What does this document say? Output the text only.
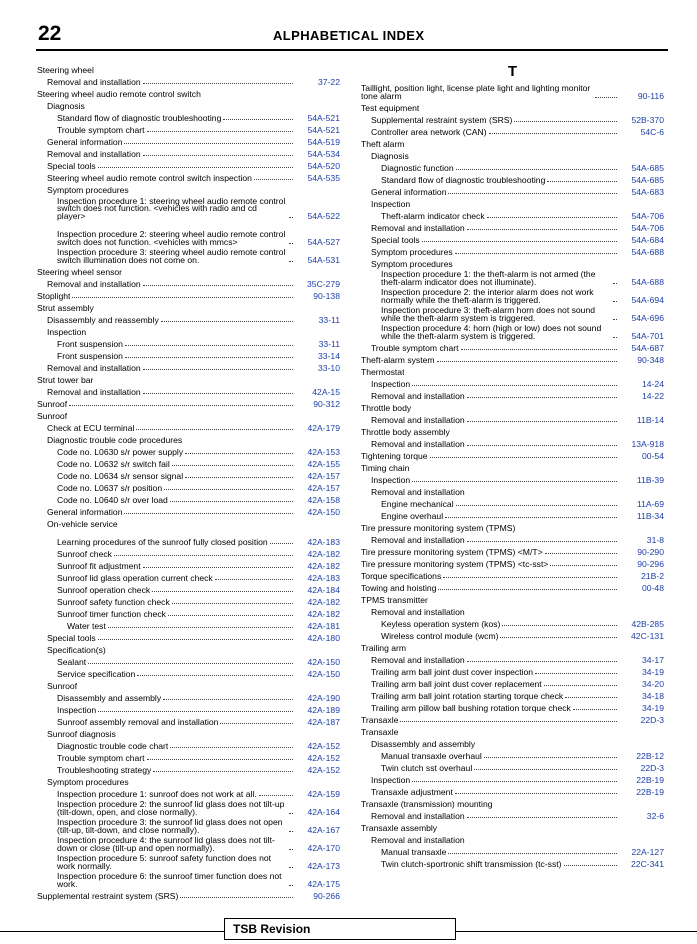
22	ALPHABETICAL INDEX
Steering wheel
Removal and installation	37-22
Steering wheel audio remote control switch
Diagnosis
Standard flow of diagnostic troubleshooting	54A-521
Trouble symptom chart	54A-521
General information	54A-519
Removal and installation	54A-534
Special tools	54A-520
Steering wheel audio remote control switch inspection	54A-535
Symptom procedures
Inspection procedure 1: steering wheel audio remote control switch does not function. <vehicles with radio and cd player>	54A-522
Inspection procedure 2: steering wheel audio remote control switch does not function. <vehicles with mmcs>	54A-527
Inspection procedure 3: steering wheel audio remote control switch illumination does not come on.	54A-531
Steering wheel sensor
Removal and installation	35C-279
Stoplight	90-138
Strut assembly
Disassembly and reassembly	33-11
Inspection
Front suspension	33-11
Front suspension	33-14
Removal and installation	33-10
Strut tower bar
Removal and installation	42A-15
Sunroof	90-312
Sunroof
Check at ECU terminal	42A-179
Diagnostic trouble code procedures
Code no. L0630 s/r power supply	42A-153
Code no. L0632 s/r switch fail	42A-155
Code no. L0634 s/r sensor signal	42A-157
Code no. L0637 s/r position	42A-157
Code no. L0640 s/r over load	42A-158
General information	42A-150
On-vehicle service
Learning procedures of the sunroof fully closed position	42A-183
Sunroof check	42A-182
Sunroof fit adjustment	42A-182
Sunroof lid glass operation current check	42A-183
Sunroof operation check	42A-184
Sunroof safety function check	42A-182
Sunroof timer function check	42A-182
Water test	42A-181
Special tools	42A-180
Specification(s)
Sealant	42A-150
Service specification	42A-150
Sunroof
Disassembly and assembly	42A-190
Inspection	42A-189
Sunroof assembly removal and installation	42A-187
Sunroof diagnosis
Diagnostic trouble code chart	42A-152
Trouble symptom chart	42A-152
Troubleshooting strategy	42A-152
Symptom procedures
Inspection procedure 1: sunroof does not work at all.	42A-159
Inspection procedure 2: the sunroof lid glass does not tilt-up (tilt-down, open, and close normally).	42A-164
Inspection procedure 3: the sunroof lid glass does not open (tilt-up, tilt-down, and close normally).	42A-167
Inspection procedure 4: the sunroof lid glass does not tilt-down or close (tilt-up and open normally).	42A-170
Inspection procedure 5: sunroof safety function does not work normally.	42A-173
Inspection procedure 6: the sunroof timer function does not work.	42A-175
Supplemental restraint system (SRS)	90-266
T
Taillight, position light, license plate light and lighting monitor tone alarm	90-116
Test equipment
Supplemental restraint system (SRS)	52B-370
Controller area network (CAN)	54C-6
Theft alarm
Diagnosis
Diagnostic function	54A-685
Standard flow of diagnostic troubleshooting	54A-685
General information	54A-683
Inspection
Theft-alarm indicator check	54A-706
Removal and installation	54A-706
Special tools	54A-684
Symptom procedures	54A-688
Symptom procedures
Inspection procedure 1: the theft-alarm is not armed (the theft-alarm indicator does not illuminate).	54A-688
Inspection procedure 2: the interior alarm does not work normally while the theft-alarm is triggered.	54A-694
Inspection procedure 3: theft-alarm horn does not sound while the theft-alarm system is triggered.	54A-696
Inspection procedure 4: horn (high or low) does not sound while the theft-alarm system is triggered.	54A-701
Trouble symptom chart	54A-687
Theft-alarm system	90-348
Thermostat
Inspection	14-24
Removal and installation	14-22
Throttle body
Removal and installation	11B-14
Throttle body assembly
Removal and installation	13A-918
Tightening torque	00-54
Timing chain
Inspection	11B-39
Removal and installation
Engine mechanical	11A-69
Engine overhaul	11B-34
Tire pressure monitoring system (TPMS)
Removal and installation	31-8
Tire pressure monitoring system (TPMS) <M/T>	90-290
Tire pressure monitoring system (TPMS) <tc-sst>	90-296
Torque specifications	21B-2
Towing and hoisting	00-48
TPMS transmitter
Removal and installation
Keyless operation system (kos)	42B-285
Wireless control module (wcm)	42C-131
Trailing arm
Removal and installation	34-17
Trailing arm ball joint dust cover inspection	34-19
Trailing arm ball joint dust cover replacement	34-20
Trailing arm ball joint rotation starting torque check	34-18
Trailing arm pillow ball bushing rotation torque check	34-19
Transaxle	22D-3
Transaxle
Disassembly and assembly
Manual transaxle overhaul	22B-12
Twin clutch sst overhaul	22D-3
Inspection	22B-19
Transaxle adjustment	22B-19
Transaxle (transmission) mounting
Removal and installation	32-6
Transaxle assembly
Removal and installation
Manual transaxle	22A-127
Twin clutch-sportronic shift transmission (tc-sst)	22C-341
TSB Revision
